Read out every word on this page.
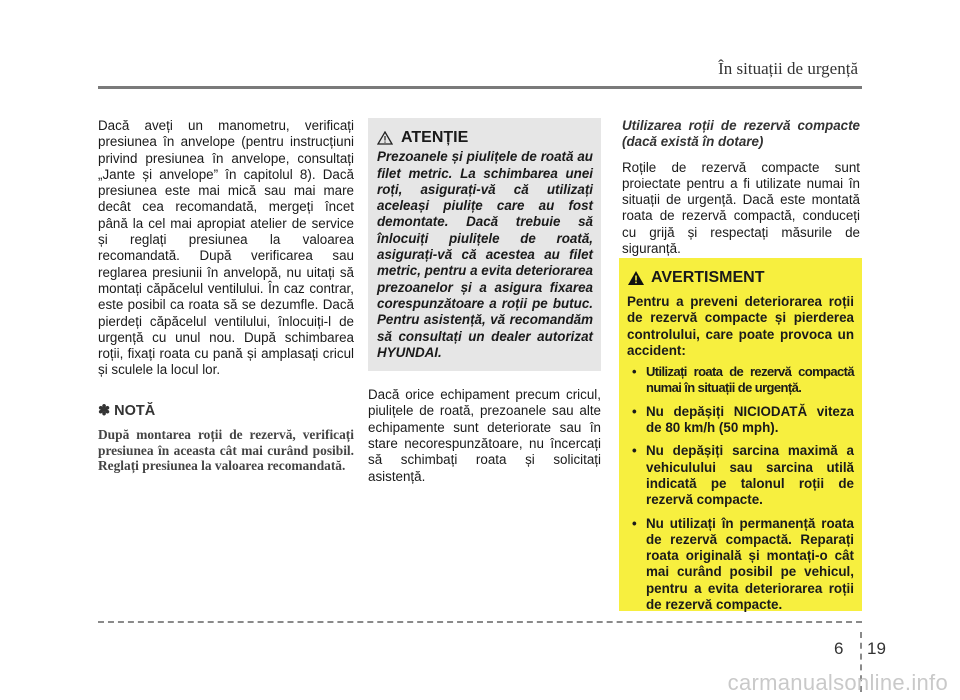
În situații de urgență
Dacă aveți un manometru, verificați presiunea în anvelope (pentru instrucțiuni privind presiunea în anvelope, consultați „Jante și anvelope” în capitolul 8). Dacă presiunea este mai mică sau mai mare decât cea recomandată, mergeți încet până la cel mai apropiat atelier de service și reglați presiunea la valoarea recomandată. După verificarea sau reglarea presiunii în anvelopă, nu uitați să montați căpăcelul ventilului. În caz contrar, este posibil ca roata să se dezumfle. Dacă pierdeți căpăcelul ventilului, înlocuiți-l de urgență cu unul nou. După schimbarea roții, fixați roata cu pană și amplasați cricul și sculele la locul lor.
✽ NOTĂ
După montarea roții de rezervă, verificați presiunea în aceasta cât mai curând posibil. Reglați presiunea la valoarea recomandată.
ATENȚIE
Prezoanele și piulițele de roată au filet metric. La schimbarea unei roți, asigurați-vă că utilizați aceleași piulițe care au fost demontate. Dacă trebuie să înlocuiți piulițele de roată, asigurați-vă că acestea au filet metric, pentru a evita deteriorarea prezoanelor și a asigura fixarea corespunzătoare a roții pe butuc. Pentru asistență, vă recomandăm să consultați un dealer autorizat HYUNDAI.
Dacă orice echipament precum cricul, piulițele de roată, prezoanele sau alte echipamente sunt deteriorate sau în stare necorespunzătoare, nu încercați să schimbați roata și solicitați asistență.
Utilizarea roții de rezervă compacte (dacă există în dotare)
Roțile de rezervă compacte sunt proiectate pentru a fi utilizate numai în situații de urgență. Dacă este montată roata de rezervă compactă, conduceți cu grijă și respectați măsurile de siguranță.
AVERTISMENT
Pentru a preveni deteriorarea roții de rezervă compacte și pierderea controlului, care poate provoca un accident:
• Utilizați roata de rezervă compactă numai în situații de urgență.
• Nu depășiți NICIODATĂ viteza de 80 km/h (50 mph).
• Nu depășiți sarcina maximă a vehiculului sau sarcina utilă indicată pe talonul roții de rezervă compacte.
• Nu utilizați în permanență roata de rezervă compactă. Reparați roata originală și montați-o cât mai curând posibil pe vehicul, pentru a evita deteriorarea roții de rezervă compacte.
6 19
carmanualsonline.info
